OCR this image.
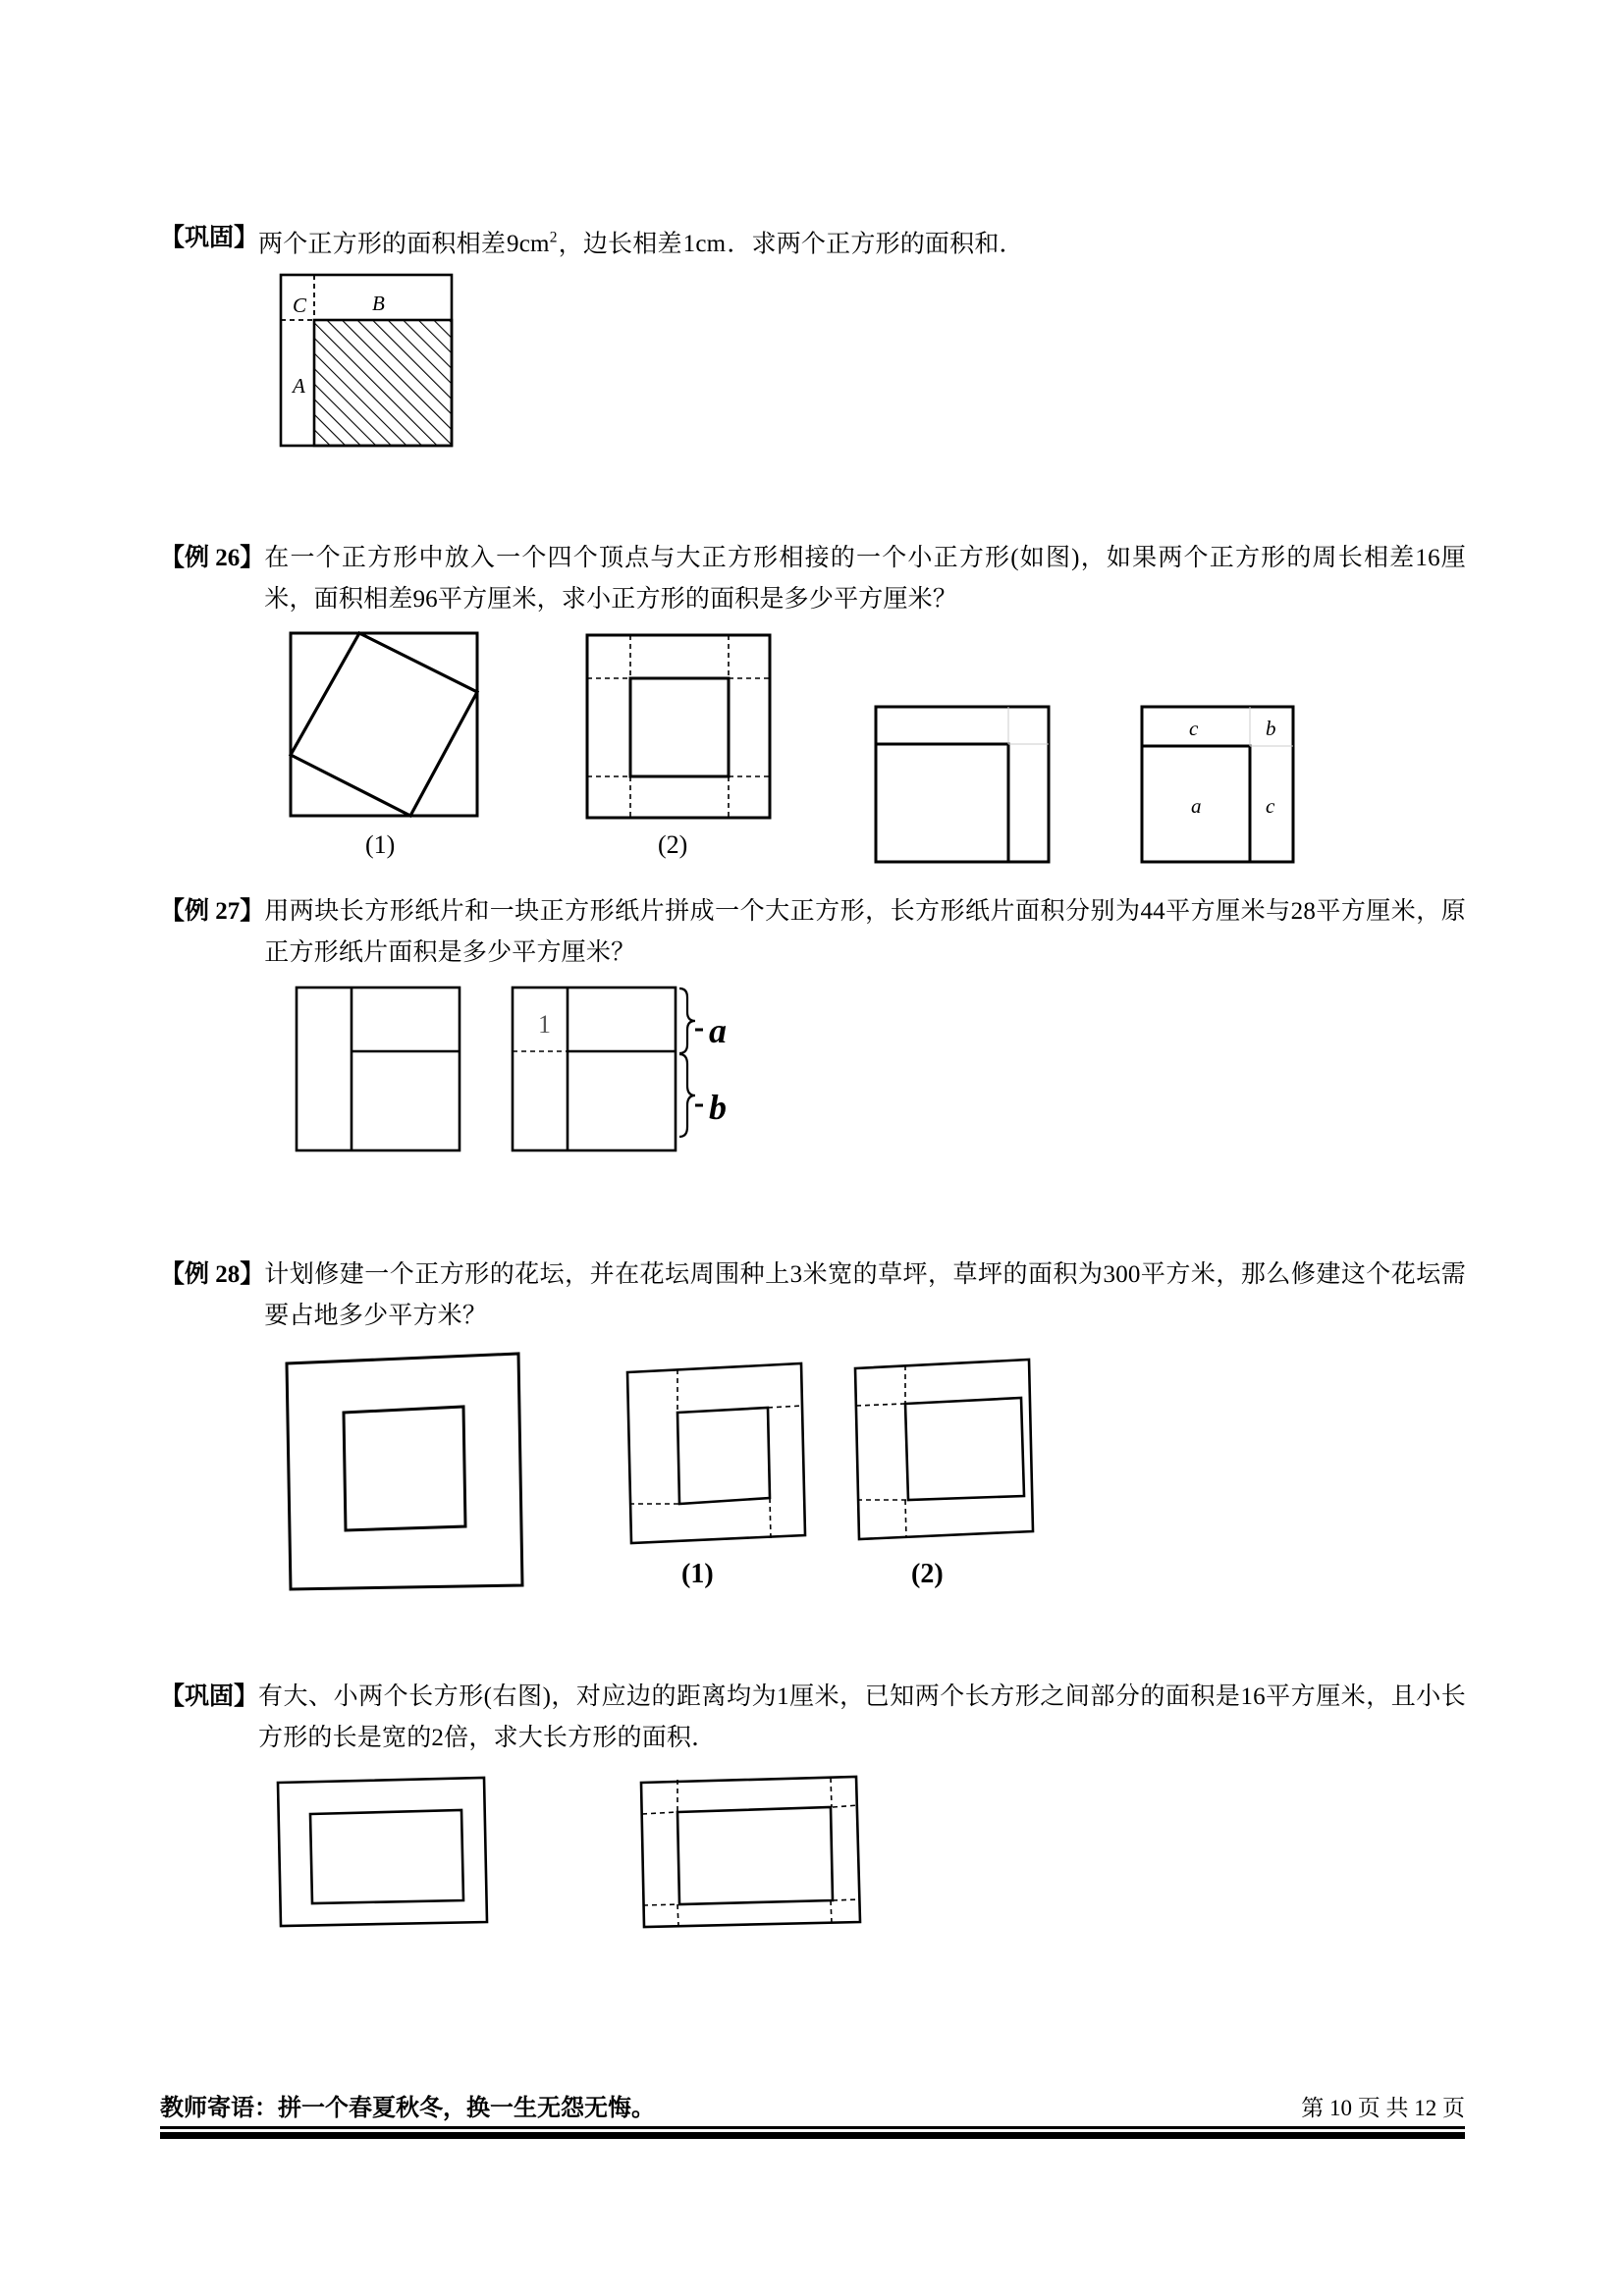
【巩固】 两个正方形的面积相差$9cm^2$，边长相差1cm．求两个正方形的面积和．
C	B
A
【例 26】 在一个正方形中放入一个四个顶点与大正方形相接的一个小正方形(如图)，如果两个正方形的周长相差16厘米，面积相差96平方厘米，求小正方形的面积是多少平方厘米？
(1)	(2)
c	b
a	c
【例 27】 用两块长方形纸片和一块正方形纸片拼成一个大正方形，长方形纸片面积分别为44平方厘米与28平方厘米，原正方形纸片面积是多少平方厘米？
1	a
b
【例 28】 计划修建一个正方形的花坛，并在花坛周围种上3米宽的草坪，草坪的面积为300平方米，那么修建这个花坛需要占地多少平方米？
(1)	(2)
【巩固】 有大、小两个长方形(右图)，对应边的距离均为1厘米，已知两个长方形之间部分的面积是16平方厘米，且小长方形的长是宽的2倍，求大长方形的面积．
教师寄语：拼一个春夏秋冬，换一生无怨无悔。	第 10 页 共 12 页
